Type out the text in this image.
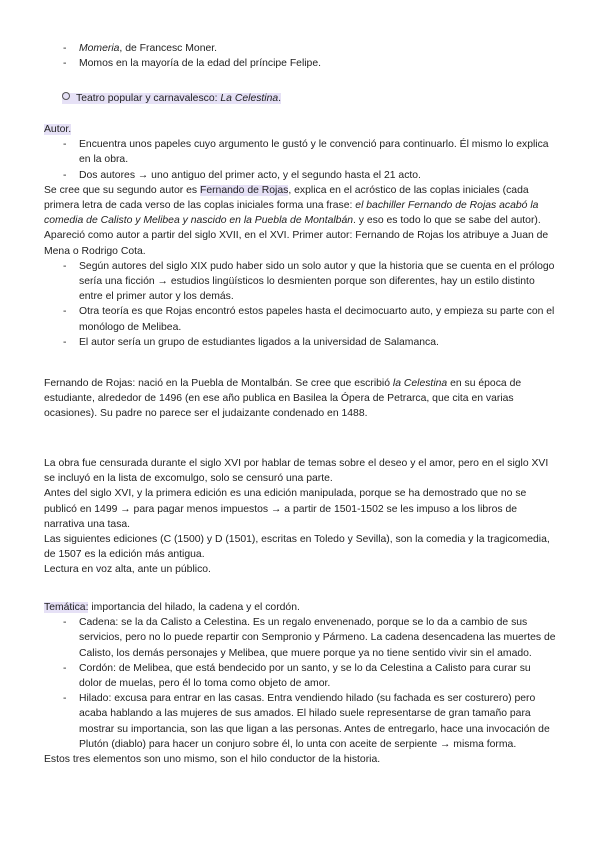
- Momeria, de Francesc Moner.
- Momos en la mayoría de la edad del príncipe Felipe.

Teatro popular y carnavalesco: La Celestina.

Autor.

- Encuentra unos papeles cuyo argumento le gustó y le convenció para continuarlo. Él mismo lo explica en la obra.
- Dos autores → uno antiguo del primer acto, y el segundo hasta el 21 acto.

Se cree que su segundo autor es Fernando de Rojas, explica en el acróstico de las coplas iniciales (cada primera letra de cada verso de las coplas iniciales forma una frase: el bachiller Fernando de Rojas acabó la comedia de Calisto y Melibea y nascido en la Puebla de Montalbán. y eso es todo lo que se sabe del autor). Apareció como autor a partir del siglo XVII, en el XVI. Primer autor: Fernando de Rojas los atribuye a Juan de Mena o Rodrigo Cota.

- Según autores del siglo XIX pudo haber sido un solo autor y que la historia que se cuenta en el prólogo sería una ficción → estudios lingüísticos lo desmienten porque son diferentes, hay un estilo distinto entre el primer autor y los demás.
- Otra teoría es que Rojas encontró estos papeles hasta el decimocuarto auto, y empieza su parte con el monólogo de Melibea.
- El autor sería un grupo de estudiantes ligados a la universidad de Salamanca.

Fernando de Rojas: nació en la Puebla de Montalbán. Se cree que escribió la Celestina en su época de estudiante, alrededor de 1496 (en ese año publica en Basilea la Ópera de Petrarca, que cita en varias ocasiones). Su padre no parece ser el judaizante condenado en 1488.

La obra fue censurada durante el siglo XVI por hablar de temas sobre el deseo y el amor, pero en el siglo XVI se incluyó en la lista de excomulgo, solo se censuró una parte.

Antes del siglo XVI, y la primera edición es una edición manipulada, porque se ha demostrado que no se publicó en 1499 → para pagar menos impuestos → a partir de 1501-1502 se les impuso a los libros de narrativa una tasa.

Las siguientes ediciones (C (1500) y D (1501), escritas en Toledo y Sevilla), son la comedia y la tragicomedia, de 1507 es la edición más antigua.

Lectura en voz alta, ante un público.

Temática: importancia del hilado, la cadena y el cordón.

- Cadena: se la da Calisto a Celestina. Es un regalo envenenado, porque se lo da a cambio de sus servicios, pero no lo puede repartir con Sempronio y Pármeno. La cadena desencadena las muertes de Calisto, los demás personajes y Melibea, que muere porque ya no tiene sentido vivir sin el amado.
- Cordón: de Melibea, que está bendecido por un santo, y se lo da Celestina a Calisto para curar su dolor de muelas, pero él lo toma como objeto de amor.
- Hilado: excusa para entrar en las casas. Entra vendiendo hilado (su fachada es ser costurero) pero acaba hablando a las mujeres de sus amados. El hilado suele representarse de gran tamaño para mostrar su importancia, son las que ligan a las personas. Antes de entregarlo, hace una invocación de Plutón (diablo) para hacer un conjuro sobre él, lo unta con aceite de serpiente → misma forma.

Estos tres elementos son uno mismo, son el hilo conductor de la historia.
